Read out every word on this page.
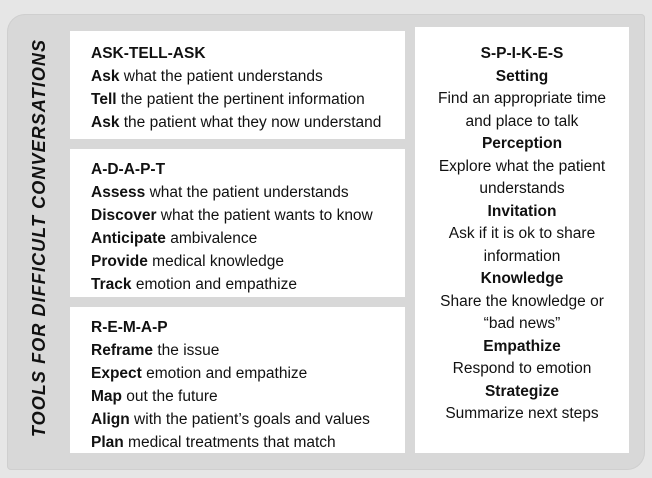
TOOLS FOR DIFFICULT CONVERSATIONS	ASK-TELL-ASK
Ask what the patient understands
Tell the patient the pertinent information
Ask the patient what they now understand
A-D-A-P-T
Assess what the patient understands
Discover what the patient wants to know
Anticipate ambivalence
Provide medical knowledge
Track emotion and empathize
R-E-M-A-P
Reframe the issue
Expect emotion and empathize
Map out the future
Align with the patient’s goals and values
Plan medical treatments that match
S-P-I-K-E-S
Setting
Find an appropriate time
and place to talk
Perception
Explore what the patient
understands
Invitation
Ask if it is ok to share
information
Knowledge
Share the knowledge or
“bad news”
Empathize
Respond to emotion
Strategize
Summarize next steps
